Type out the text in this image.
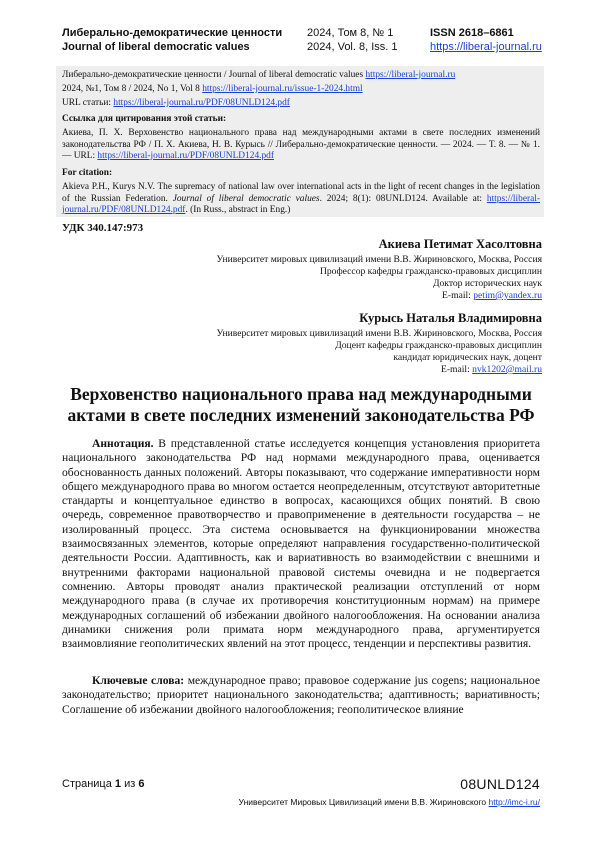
Либерально-демократические ценности
Journal of liberal democratic values
2024, Том 8, № 1
2024, Vol. 8, Iss. 1
ISSN 2618–6861
https://liberal-journal.ru
Либерально-демократические ценности / Journal of liberal democratic values https://liberal-journal.ru
2024, №1, Том 8 / 2024, No 1, Vol 8 https://liberal-journal.ru/issue-1-2024.html
URL статьи: https://liberal-journal.ru/PDF/08UNLD124.pdf
Ссылка для цитирования этой статьи:
Акиева, П. Х. Верховенство национального права над международными актами в свете последних изменений законодательства РФ / П. Х. Акиева, Н. В. Курысь // Либерально-демократические ценности. — 2024. — Т. 8. — № 1. — URL: https://liberal-journal.ru/PDF/08UNLD124.pdf
For citation:
Akieva P.H., Kurys N.V. The supremacy of national law over international acts in the light of recent changes in the legislation of the Russian Federation. Journal of liberal democratic values. 2024; 8(1): 08UNLD124. Available at: https://liberal-journal.ru/PDF/08UNLD124.pdf. (In Russ., abstract in Eng.)
УДК 340.147:973
Акиева Петимат Хасолтовна
Университет мировых цивилизаций имени В.В. Жириновского, Москва, Россия
Профессор кафедры гражданско-правовых дисциплин
Доктор исторических наук
E-mail: petim@yandex.ru
Курысь Наталья Владимировна
Университет мировых цивилизаций имени В.В. Жириновского, Москва, Россия
Доцент кафедры гражданско-правовых дисциплин
кандидат юридических наук, доцент
E-mail: nvk1202@mail.ru
Верховенство национального права над международными актами в свете последних изменений законодательства РФ

Аннотация. В представленной статье исследуется концепция установления приоритета национального законодательства РФ над нормами международного права, оценивается обоснованность данных положений. Авторы показывают, что содержание императивности норм общего международного права во многом остается неопределенным, отсутствуют авторитетные стандарты и концептуальное единство в вопросах, касающихся общих понятий. В свою очередь, современное правотворчество и правоприменение в деятельности государства – не изолированный процесс. Эта система основывается на функционировании множества взаимосвязанных элементов, которые определяют направления государственно-политической деятельности России. Адаптивность, как и вариативность во взаимодействии с внешними и внутренними факторами национальной правовой системы очевидна и не подвергается сомнению. Авторы проводят анализ практической реализации отступлений от норм международного права (в случае их противоречия конституционным нормам) на примере международных соглашений об избежании двойного налогообложения. На основании анализа динамики снижения роли примата норм международного права, аргументируется взаимовлияние геополитических явлений на этот процесс, тенденции и перспективы развития.

Ключевые слова: международное право; правовое содержание jus cogens; национальное законодательство; приоритет национального законодательства; адаптивность; вариативность; Соглашение об избежании двойного налогообложения; геополитическое влияние

Страница 1 из 6	08UNLD124
Университет Мировых Цивилизаций имени В.В. Жириновского http://imc-i.ru/
